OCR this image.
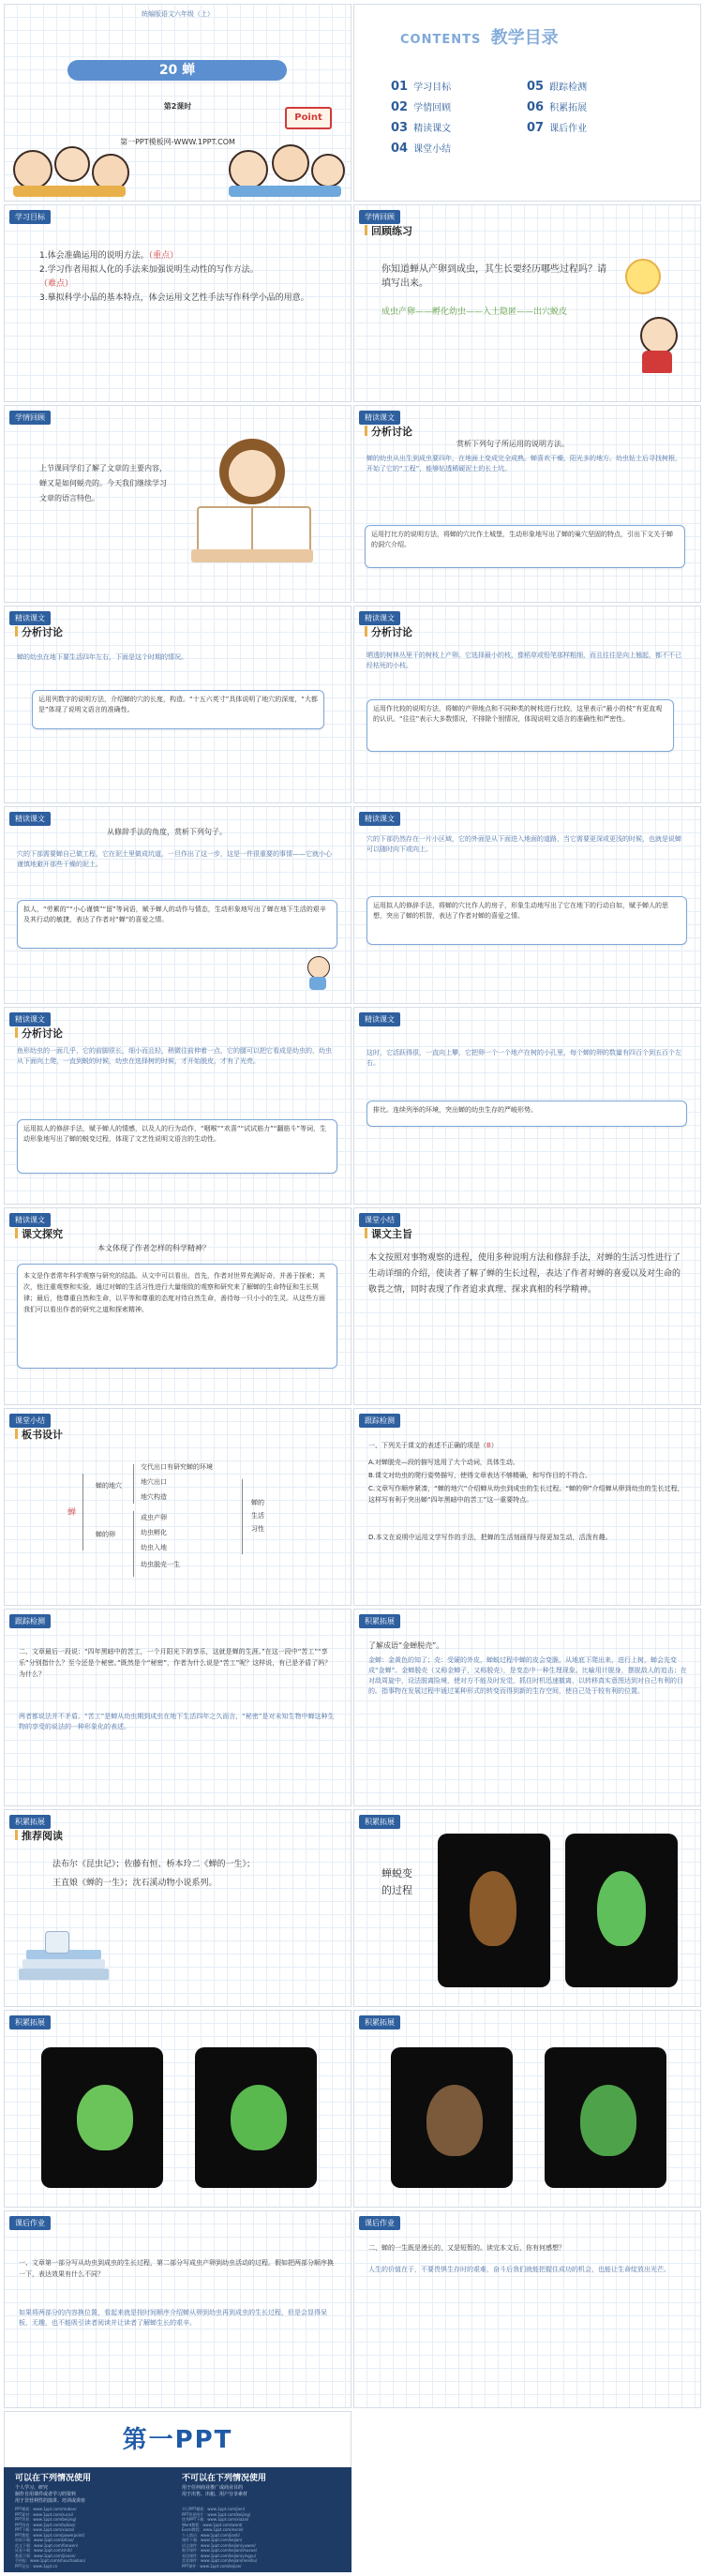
统编版语文六年级（上）
20 蝉
第2课时
第一PPT模板网-WWW.1PPT.COM
Point
CONTENTS 教学目录
01 学习目标	05 跟踪检测
02 学情回顾	06 积累拓展
03 精读课文	07 课后作业
04 课堂小结
学习目标
1.体会准确运用的说明方法。（重点）
2.学习作者用拟人化的手法来加强说明生动性的写作方法。
（难点）
3.摹拟科学小品的基本特点，体会运用文艺性手法写作科学小品的用意。
学情回顾
回顾练习
你知道蝉从产卵到成虫，其生长要经历哪些过程吗？请填写出来。
成虫产卵——孵化幼虫——入土隐匿——出穴蜕皮
学情回顾
上节课同学们了解了文章的主要内容，蝉又是如何蜕壳的。今天我们继续学习文章的语言特色。
精读课文
分析讨论
赏析下列句子所运用的说明方法。
蝉的幼虫从出生到成虫要四年，在地面上变成完全成熟。蝉喜欢干燥、阳光多的地方。幼虫钻土后寻找树根，开始了它的“工程”，能够钻透稀硬泥土的长土坑。
运用打比方的说明方法，将蝉的穴比作土城堡，生动形象地写出了蝉的巢穴坚固的特点，引出下文关于蝉的洞穴介绍。
精读课文
分析讨论
蝉的幼虫在地下要生活四年左右，下面是这个时期的情况。
运用列数字的说明方法，介绍蝉的穴的长度，构造。“十五六英寸”具体说明了地穴的深度，“大都是”体现了说明文语言的准确性。
精读课文
分析讨论
晒透的树林丛里干的树枝上产卵。它选择最小的枝，像稻草或铅笔那样粗细，而且往往是向上翘起，都不不已经枯死的小枝。
运用作比较的说明方法，将蝉的产卵地点和不同种类的树枝进行比较，这里表示“最小的枝”有更直观的认识。“往往”表示大多数情况，不排除个别情况，体现说明文语言的准确性和严密性。
精读课文
从修辞手法的角度，赏析下列句子。
穴的下部需要蝉自己做工程，它在泥土里做成坑道，一旦作出了这一步，这是一件很重要的事情——它就小心谨慎地避开那些干燥的泥土。
拟人，“劳累的”“小心谨慎”“留”等词语，赋予蝉人的动作与情态，生动形象地写出了蝉在地下生活的艰辛及其行动的敏捷，表达了作者对“蝉”的喜爱之情。
精读课文
穴的下部仍然存在一片小区域，它的外面是从下面进入地面的道路，当它需要更深或更浅的时候，也就是说蝉可以随时向下或向上。
运用拟人的修辞手法，将蝉的穴比作人的房子，形象生动地写出了它在地下的行动自如，赋予蝉人的思想，突出了蝉的机智，表达了作者对蝉的喜爱之情。
精读课文
分析讨论
鱼形幼虫的一面几乎，它的前脚很长，细小而且轻，稍微往前伸着一点，它的腿可以把它看成是幼虫的，幼虫从下面向上爬，一直到蜕的时候，幼虫在选择树的时候，才开始脱皮，才有了光亮。
运用拟人的修辞手法，赋予蝉人的情感，以及人的行为动作，“咽喉”“欢喜”“试试筋力”“翻筋斗”等词，生动形象地写出了蝉的蜕变过程，体现了文艺性说明文语言的生动性。
精读课文
这时，它活跃得很，一直向上攀，它把卵一个一个地产在树的小孔里，每个蝉的卵的数量有四百个到五百个左右。
排比。连续列举的环境，突出蝉的幼虫生存的严峻形势。
精读课文
课文探究
本文体现了作者怎样的科学精神？
本文是作者常年科学观察与研究的结晶。从文中可以看出，首先，作者对世界充满好奇，并善于探索；其次，他注重观察和实验，通过对蝉的生活习性进行大量细致的观察和研究来了解蝉的生命特征和生长规律；最后，他尊重自然和生命，以平等和尊重的态度对待自然生命，善待每一只小小的生灵。从这些方面我们可以看出作者的研究之道和探索精神。
课堂小结
课文主旨
本文按照对事物观察的进程，使用多种说明方法和修辞手法，对蝉的生活习性进行了生动详细的介绍，使读者了解了蝉的生长过程，表达了作者对蝉的喜爱以及对生命的敬畏之情，同时表现了作者追求真理、探求真相的科学精神。
课堂小结
板书设计
蝉
蝉的地穴
交代出口有研究蝉的环境
地穴出口
地穴构造
蝉的卵
成虫产卵
幼虫孵化
幼虫入地
幼虫脱壳一生
蝉的
生活
习性
跟踪检测
一、下列关于课文的表述不正确的项是（B）
A.对蝉脱壳—段的描写选用了大个动词，具体生动。
B.课文对幼虫的爬行姿势描写，使得文章表达不够精确，和写作目的不符合。
C.文章写作顺序紧凑，“蝉的地穴”介绍蝉从幼虫到成虫的生长过程。“蝉的卵”介绍蝉从卵到幼虫的生长过程，这样写有利于突出蝉“四年黑暗中的苦工”这一重要特点。
D.本文在说明中运用文学写作的手法，把蝉的生活刻画得与得更加生动，活泼有趣。
跟踪检测
二、文章最后一段说：“四年黑暗中的苦工，一个月阳光下的享乐，这就是蝉的生涯。”在这一段中“苦工”“享乐”分别指什么？至今还是个秘密。”既然是个“秘密”，作者为什么说是“苦工”呢？这样说，有已是矛盾了吗？为什么？
两者都说法并不矛盾。“苦工”是蝉从幼虫期到成虫在地下生活四年之久而言，“秘密”是对未知生物中蝉这种生物的享受的说法的一种形象化的表述。
积累拓展
了解成语“金蝉脱壳”。
金蝉：金黄色的知了；壳：受硬的外皮，蝉蜕过程中蝉的皮会变脆，从地底下爬出来，进行上树，蝉会先变成“金蝉”。金蝉脱壳（又称金蝉子，又称脱壳），是变态中一种生理现象。比喻用计脱身，摆脱敌人的追击；在对敌周旋中，设法脱离险境，使对方不能及时发觉，抓住时机迅速撤离，以转移真实意图达到对自己有利的目的。指事物在发展过程中通过某种形式的转变而得到新的生存空间，使自己处于较有利的位置。
积累拓展
推荐阅读
法布尔《昆虫记》；佐藤有恒、桥本玲二《蝉的一生》；
王直娘《蝉的一生》；沈石溪动物小说系列。
积累拓展
蝉蜕变的过程
积累拓展	积累拓展
课后作业
一、文章第一部分写从幼虫到成虫的生长过程，第二部分写成虫产卵到幼虫活动的过程。假如把两部分顺序换一下，表达效果有什么不同？
如果将两部分的内容换位置，看起来就是按时间顺序介绍蝉从卵到幼虫再到成虫的生长过程，但是会显得呆板、无趣，也不能吸引读者阅读并让读者了解蝉生长的艰辛。
课后作业
二、蝉的一生既是漫长的，又是短暂的。读完本文后，你有何感想？
人生的价值在于，不要畏惧生存时的艰难，奋斗后我们就能把握住成功的机会，也能让生命绽放出光芒。
第一PPT
可以在下列情况使用
个人学习、研究
制作自用课件或者学习的资料
用于非营利性的演讲、培训或讲座
不可以在下列情况使用
用于任何商业推广或商业目的
用于出售、出租、用户分享素材
PPT模板：www.1ppt.com/moban/
PPT素材：www.1ppt.com/sucai/
PPT背景：www.1ppt.com/beijing/
PPT图表：www.1ppt.com/tubiao/
PPT下载：www.1ppt.com/xiazai/
PPT教程：www.1ppt.com/powerpoint/
资料下载：www.1ppt.com/ziliao/
范文下载：www.1ppt.com/fanwen/
试卷下载：www.1ppt.com/shiti/
教案下载：www.1ppt.com/jiaoan/
手抄报：www.1ppt.com/shouchaobao/
PPT论坛：www.1ppt.cn
节日PPT模板：www.1ppt.com/jieri/
PPT背景图片：www.1ppt.com/beijing/
优秀PPT下载：www.1ppt.com/xiazai/
Word教程：www.1ppt.com/word/
Excel教程：www.1ppt.com/excel/
个人简历：www.1ppt.com/jianli/
课件下载：www.1ppt.com/kejian/
语文课件：www.1ppt.com/kejian/yuwen/
数学课件：www.1ppt.com/kejian/shuxue/
英语课件：www.1ppt.com/kejian/yingyu/
美术课件：www.1ppt.com/kejian/meishu/
PPT课件：www.1ppt.com/kejian/
